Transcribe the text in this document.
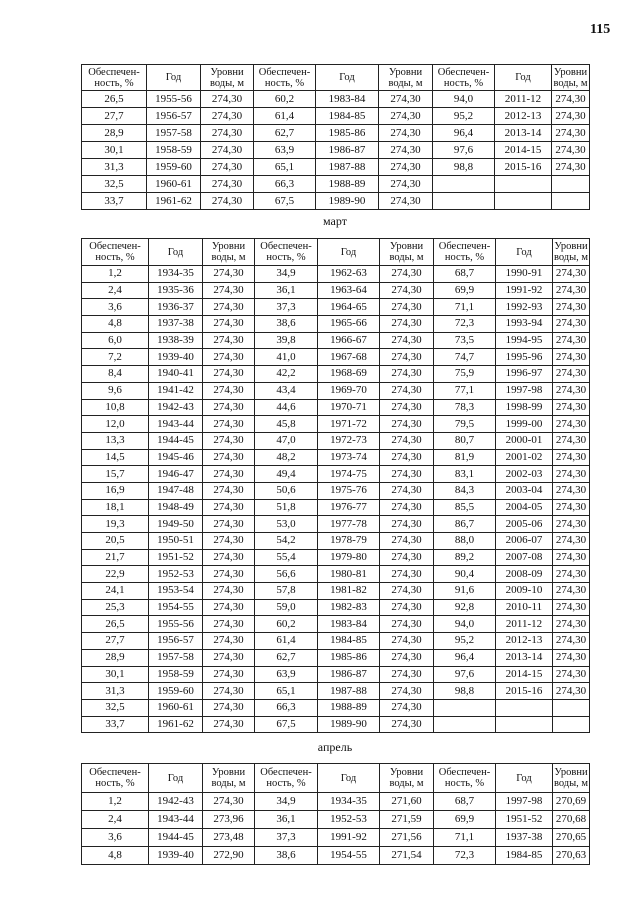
115
Обеспечен-ность, %	Год	Уровни воды, м	Обеспечен-ность, %	Год	Уровни воды, м	Обеспечен-ность, %	Год	Уровни воды, м
26,5	1955-56	274,30	60,2	1983-84	274,30	94,0	2011-12	274,30
27,7	1956-57	274,30	61,4	1984-85	274,30	95,2	2012-13	274,30
28,9	1957-58	274,30	62,7	1985-86	274,30	96,4	2013-14	274,30
30,1	1958-59	274,30	63,9	1986-87	274,30	97,6	2014-15	274,30
31,3	1959-60	274,30	65,1	1987-88	274,30	98,8	2015-16	274,30
32,5	1960-61	274,30	66,3	1988-89	274,30			
33,7	1961-62	274,30	67,5	1989-90	274,30			
март
Обеспечен-ность, %	Год	Уровни воды, м	Обеспечен-ность, %	Год	Уровни воды, м	Обеспечен-ность, %	Год	Уровни воды, м
1,2	1934-35	274,30	34,9	1962-63	274,30	68,7	1990-91	274,30
2,4	1935-36	274,30	36,1	1963-64	274,30	69,9	1991-92	274,30
3,6	1936-37	274,30	37,3	1964-65	274,30	71,1	1992-93	274,30
4,8	1937-38	274,30	38,6	1965-66	274,30	72,3	1993-94	274,30
6,0	1938-39	274,30	39,8	1966-67	274,30	73,5	1994-95	274,30
7,2	1939-40	274,30	41,0	1967-68	274,30	74,7	1995-96	274,30
8,4	1940-41	274,30	42,2	1968-69	274,30	75,9	1996-97	274,30
9,6	1941-42	274,30	43,4	1969-70	274,30	77,1	1997-98	274,30
10,8	1942-43	274,30	44,6	1970-71	274,30	78,3	1998-99	274,30
12,0	1943-44	274,30	45,8	1971-72	274,30	79,5	1999-00	274,30
13,3	1944-45	274,30	47,0	1972-73	274,30	80,7	2000-01	274,30
14,5	1945-46	274,30	48,2	1973-74	274,30	81,9	2001-02	274,30
15,7	1946-47	274,30	49,4	1974-75	274,30	83,1	2002-03	274,30
16,9	1947-48	274,30	50,6	1975-76	274,30	84,3	2003-04	274,30
18,1	1948-49	274,30	51,8	1976-77	274,30	85,5	2004-05	274,30
19,3	1949-50	274,30	53,0	1977-78	274,30	86,7	2005-06	274,30
20,5	1950-51	274,30	54,2	1978-79	274,30	88,0	2006-07	274,30
21,7	1951-52	274,30	55,4	1979-80	274,30	89,2	2007-08	274,30
22,9	1952-53	274,30	56,6	1980-81	274,30	90,4	2008-09	274,30
24,1	1953-54	274,30	57,8	1981-82	274,30	91,6	2009-10	274,30
25,3	1954-55	274,30	59,0	1982-83	274,30	92,8	2010-11	274,30
26,5	1955-56	274,30	60,2	1983-84	274,30	94,0	2011-12	274,30
27,7	1956-57	274,30	61,4	1984-85	274,30	95,2	2012-13	274,30
28,9	1957-58	274,30	62,7	1985-86	274,30	96,4	2013-14	274,30
30,1	1958-59	274,30	63,9	1986-87	274,30	97,6	2014-15	274,30
31,3	1959-60	274,30	65,1	1987-88	274,30	98,8	2015-16	274,30
32,5	1960-61	274,30	66,3	1988-89	274,30			
33,7	1961-62	274,30	67,5	1989-90	274,30			
апрель
Обеспечен-ность, %	Год	Уровни воды, м	Обеспечен-ность, %	Год	Уровни воды, м	Обеспечен-ность, %	Год	Уровни воды, м
1,2	1942-43	274,30	34,9	1934-35	271,60	68,7	1997-98	270,69
2,4	1943-44	273,96	36,1	1952-53	271,59	69,9	1951-52	270,68
3,6	1944-45	273,48	37,3	1991-92	271,56	71,1	1937-38	270,65
4,8	1939-40	272,90	38,6	1954-55	271,54	72,3	1984-85	270,63
